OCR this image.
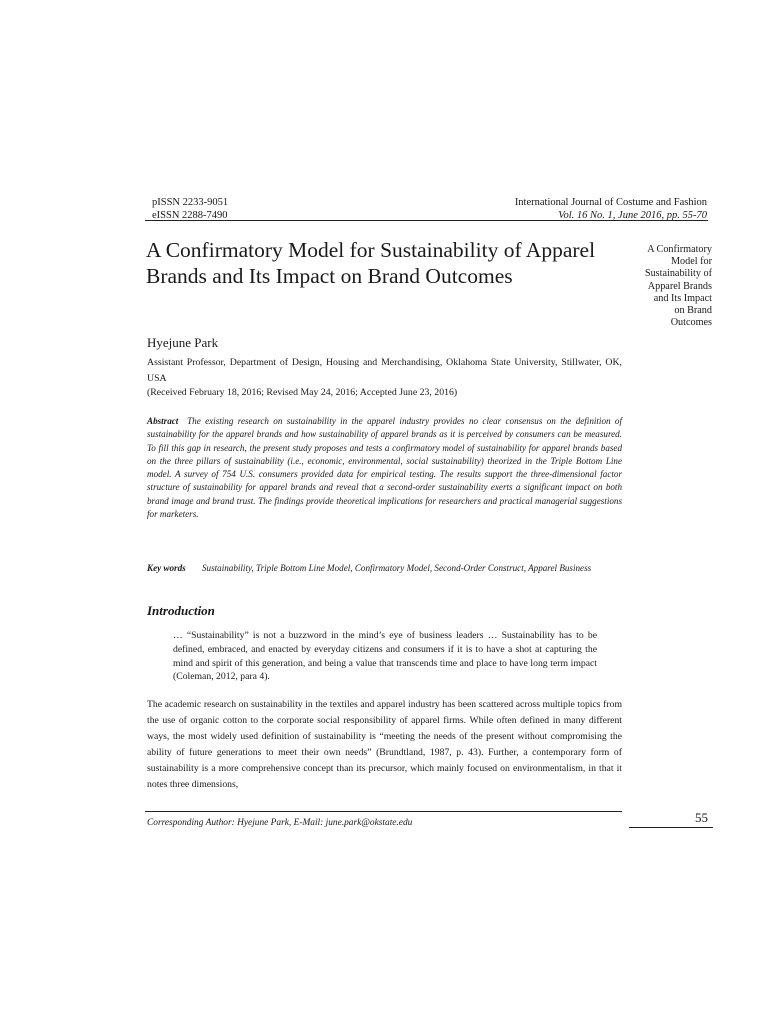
pISSN 2233-9051
eISSN 2288-7490
International Journal of Costume and Fashion
Vol. 16 No. 1, June 2016, pp. 55-70
A Confirmatory Model for Sustainability of Apparel Brands and Its Impact on Brand Outcomes
A Confirmatory
Model for
Sustainability of
Apparel Brands
and Its Impact
on Brand
Outcomes
Hyejune Park
Assistant Professor, Department of Design, Housing and Merchandising, Oklahoma State University, Stillwater, OK, USA
(Received February 18, 2016; Revised May 24, 2016; Accepted June 23, 2016)
Abstract The existing research on sustainability in the apparel industry provides no clear consensus on the definition of sustainability for the apparel brands and how sustainability of apparel brands as it is perceived by consumers can be measured. To fill this gap in research, the present study proposes and tests a confirmatory model of sustainability for apparel brands based on the three pillars of sustainability (i.e., economic, environmental, social sustainability) theorized in the Triple Bottom Line model. A survey of 754 U.S. consumers provided data for empirical testing. The results support the three-dimensional factor structure of sustainability for apparel brands and reveal that a second-order sustainability exerts a significant impact on both brand image and brand trust. The findings provide theoretical implications for researchers and practical managerial suggestions for marketers.
Key words Sustainability, Triple Bottom Line Model, Confirmatory Model, Second-Order Construct, Apparel Business
Introduction
… “Sustainability” is not a buzzword in the mind’s eye of business leaders … Sustainability has to be defined, embraced, and enacted by everyday citizens and consumers if it is to have a shot at capturing the mind and spirit of this generation, and being a value that transcends time and place to have long term impact (Coleman, 2012, para 4).
The academic research on sustainability in the textiles and apparel industry has been scattered across multiple topics from the use of organic cotton to the corporate social responsibility of apparel firms. While often defined in many different ways, the most widely used definition of sustainability is “meeting the needs of the present without compromising the ability of future generations to meet their own needs” (Brundtland, 1987, p. 43). Further, a contemporary form of sustainability is a more comprehensive concept than its precursor, which mainly focused on environmentalism, in that it notes three dimensions,
Corresponding Author: Hyejune Park, E-Mail: june.park@okstate.edu	55
